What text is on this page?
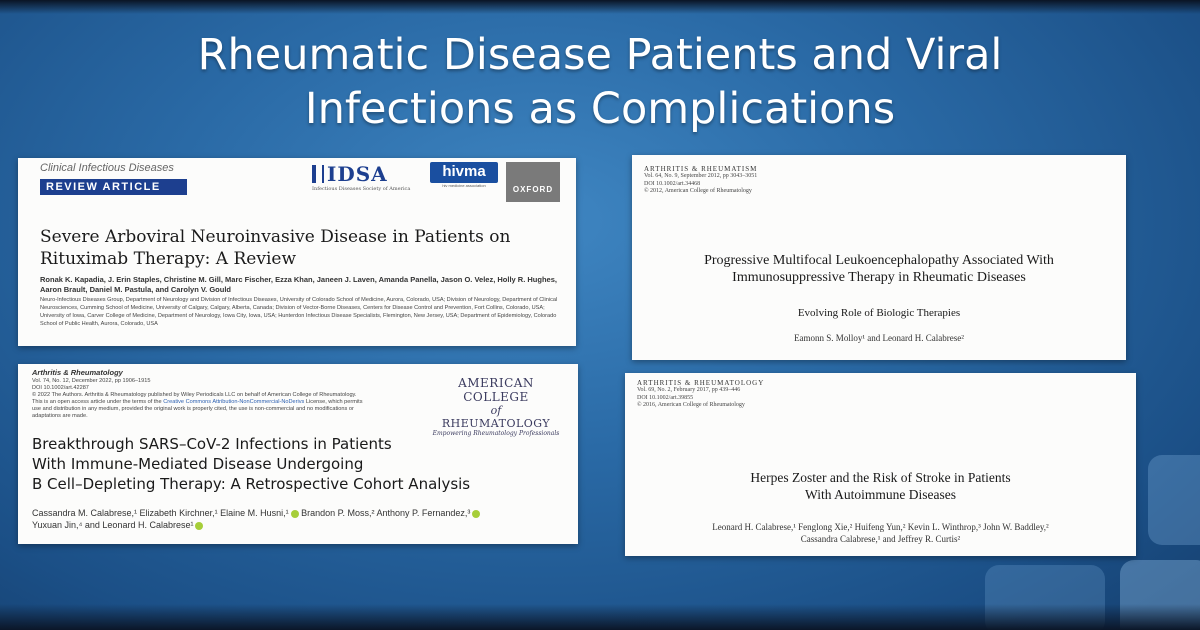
Rheumatic Disease Patients and Viral
Infections as Complications
Clinical Infectious Diseases
REVIEW ARTICLE
IDSA
Infectious Diseases Society of America
hivma
hiv medicine association	OXFORD
Severe Arboviral Neuroinvasive Disease in Patients on
Rituximab Therapy: A Review
Ronak K. Kapadia, J. Erin Staples, Christine M. Gill, Marc Fischer, Ezza Khan, Janeen J. Laven, Amanda Panella, Jason O. Velez, Holly R. Hughes, Aaron Brault, Daniel M. Pastula, and Carolyn V. Gould
Neuro-Infectious Diseases Group, Department of Neurology and Division of Infectious Diseases, University of Colorado School of Medicine, Aurora, Colorado, USA; Division of Neurology, Department of Clinical Neurosciences, Cumming School of Medicine, University of Calgary, Calgary, Alberta, Canada; Division of Vector-Borne Diseases, Centers for Disease Control and Prevention, Fort Collins, Colorado, USA; University of Iowa, Carver College of Medicine, Department of Neurology, Iowa City, Iowa, USA; Hunterdon Infectious Disease Specialists, Flemington, New Jersey, USA; Department of Epidemiology, Colorado School of Public Health, Aurora, Colorado, USA
Arthritis & Rheumatology
Vol. 74, No. 12, December 2022, pp 1906–1915
DOI 10.1002/art.42287
© 2022 The Authors. Arthritis & Rheumatology published by Wiley Periodicals LLC on behalf of American College of Rheumatology.
This is an open access article under the terms of the Creative Commons Attribution-NonCommercial-NoDerivs License, which permits use and distribution in any medium, provided the original work is properly cited, the use is non-commercial and no modifications or adaptations are made.
AMERICAN COLLEGE
of
RHEUMATOLOGY
Empowering Rheumatology Professionals
Breakthrough SARS–CoV-2 Infections in Patients
With Immune-Mediated Disease Undergoing
B Cell–Depleting Therapy: A Retrospective Cohort Analysis
Cassandra M. Calabrese,¹ Elizabeth Kirchner,¹ Elaine M. Husni,¹ Brandon P. Moss,² Anthony P. Fernandez,³
Yuxuan Jin,⁴ and Leonard H. Calabrese¹
ARTHRITIS & RHEUMATISM
Vol. 64, No. 9, September 2012, pp 3043–3051
DOI 10.1002/art.34468
© 2012, American College of Rheumatology
Progressive Multifocal Leukoencephalopathy Associated With
Immunosuppressive Therapy in Rheumatic Diseases
Evolving Role of Biologic Therapies
Eamonn S. Molloy¹ and Leonard H. Calabrese²
ARTHRITIS & RHEUMATOLOGY
Vol. 69, No. 2, February 2017, pp 439–446
DOI 10.1002/art.39855
© 2016, American College of Rheumatology
Herpes Zoster and the Risk of Stroke in Patients
With Autoimmune Diseases
Leonard H. Calabrese,¹ Fenglong Xie,² Huifeng Yun,² Kevin L. Winthrop,³ John W. Baddley,²
Cassandra Calabrese,¹ and Jeffrey R. Curtis²
